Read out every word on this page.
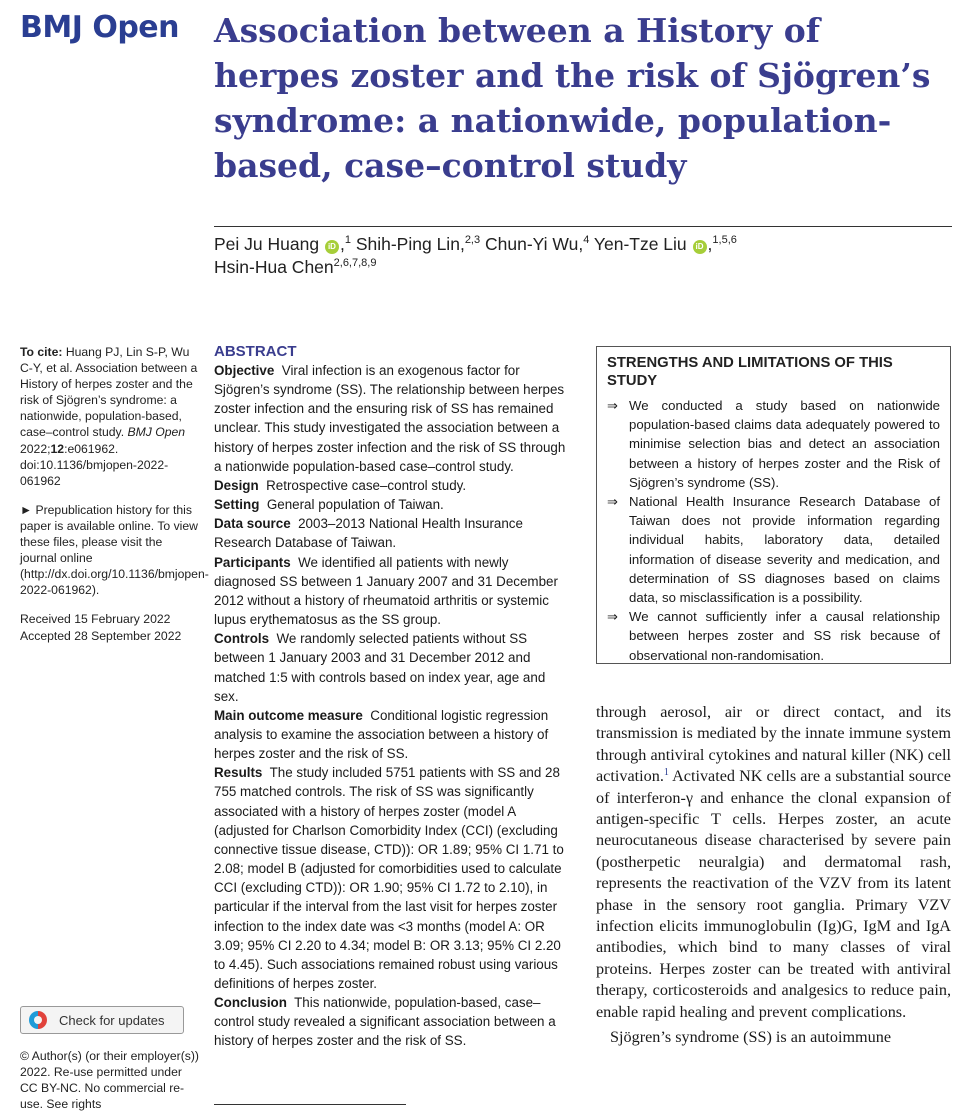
BMJ Open Association between a History of herpes zoster and the risk of Sjögren’s syndrome: a nationwide, population-based, case–control study
Pei Ju Huang iD ,$^1$ Shih-Ping Lin,$^{2,3}$ Chun-Yi Wu,$^4$ Yen-Tze Liu iD ,$^{1,5,6}$
Hsin-Hua Chen$^{2,6,7,8,9}$

To cite: Huang PJ, Lin S-P, Wu C-Y, et al. Association between a History of herpes zoster and the risk of Sjögren’s syndrome: a nationwide, population-based, case–control study. BMJ Open 2022;12:e061962. doi:10.1136/bmjopen-2022-061962

► Prepublication history for this paper is available online. To view these files, please visit the journal online (http://dx.doi.org/10.1136/bmjopen-2022-061962).

Received 15 February 2022

Accepted 28 September 2022

Check for updates
© Author(s) (or their employer(s)) 2022. Re-use permitted under CC BY-NC. No commercial re-use. See rights
ABSTRACT

Objective Viral infection is an exogenous factor for Sjögren’s syndrome (SS). The relationship between herpes zoster infection and the ensuring risk of SS has remained unclear. This study investigated the association between a history of herpes zoster infection and the risk of SS through a nationwide population-based case–control study.

Design Retrospective case–control study.

Setting General population of Taiwan.

Data source 2003–2013 National Health Insurance Research Database of Taiwan.

Participants We identified all patients with newly diagnosed SS between 1 January 2007 and 31 December 2012 without a history of rheumatoid arthritis or systemic lupus erythematosus as the SS group.

Controls We randomly selected patients without SS between 1 January 2003 and 31 December 2012 and matched 1:5 with controls based on index year, age and sex.

Main outcome measure Conditional logistic regression analysis to examine the association between a history of herpes zoster and the risk of SS.

Results The study included 5751 patients with SS and 28 755 matched controls. The risk of SS was significantly associated with a history of herpes zoster (model A (adjusted for Charlson Comorbidity Index (CCI) (excluding connective tissue disease, CTD)): OR 1.89; 95% CI 1.71 to 2.08; model B (adjusted for comorbidities used to calculate CCI (excluding CTD)): OR 1.90; 95% CI 1.72 to 2.10), in particular if the interval from the last visit for herpes zoster infection to the index date was <3 months (model A: OR 3.09; 95% CI 2.20 to 4.34; model B: OR 3.13; 95% CI 2.20 to 4.45). Such associations remained robust using various definitions of herpes zoster.

Conclusion This nationwide, population-based, case–control study revealed a significant association between a history of herpes zoster and the risk of SS.

STRENGTHS AND LIMITATIONS OF THIS STUDY
⇒ We conducted a study based on nationwide population-based claims data adequately powered to minimise selection bias and detect an association between a history of herpes zoster and the Risk of Sjögren’s syndrome (SS).
⇒ National Health Insurance Research Database of Taiwan does not provide information regarding individual habits, laboratory data, detailed information of disease severity and medication, and determination of SS diagnoses based on claims data, so misclassification is a possibility.
⇒ We cannot sufficiently infer a causal relationship between herpes zoster and SS risk because of observational non-randomisation.

through aerosol, air or direct contact, and its transmission is mediated by the innate immune system through antiviral cytokines and natural killer (NK) cell activation.$^1$ Activated NK cells are a substantial source of interferon-γ and enhance the clonal expansion of antigen-specific T cells. Herpes zoster, an acute neurocutaneous disease characterised by severe pain (postherpetic neuralgia) and dermatomal rash, represents the reactivation of the VZV from its latent phase in the sensory root ganglia. Primary VZV infection elicits immunoglobulin (Ig)G, IgM and IgA antibodies, which bind to many classes of viral proteins. Herpes zoster can be treated with antiviral therapy, corticosteroids and analgesics to reduce pain, enable rapid healing and prevent complications.

Sjögren’s syndrome (SS) is an autoimmune
